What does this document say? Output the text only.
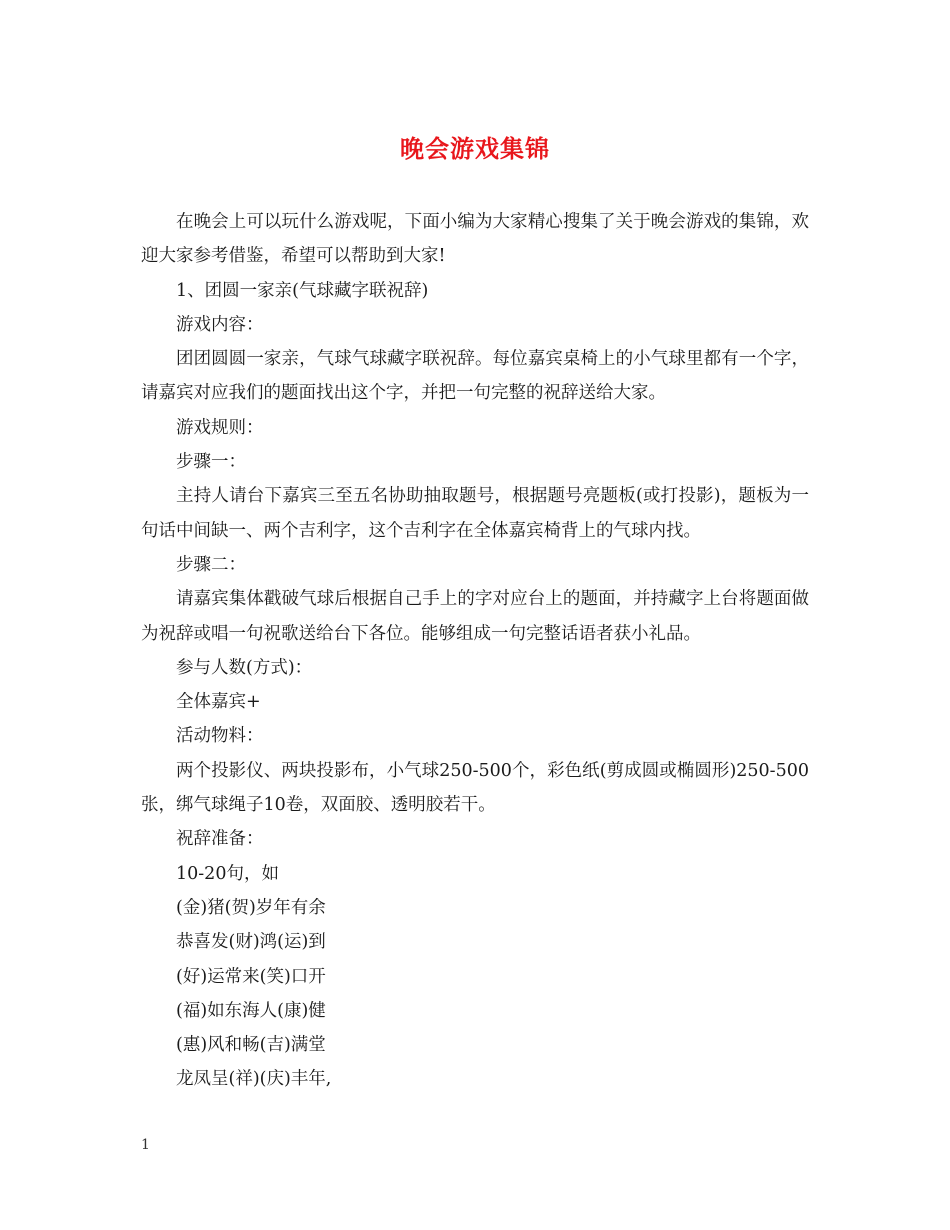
晚会游戏集锦

在晚会上可以玩什么游戏呢，下面小编为大家精心搜集了关于晚会游戏的集锦，欢迎大家参考借鉴，希望可以帮助到大家!

1、团圆一家亲(气球藏字联祝辞)

游戏内容：

团团圆圆一家亲，气球气球藏字联祝辞。每位嘉宾桌椅上的小气球里都有一个字，请嘉宾对应我们的题面找出这个字，并把一句完整的祝辞送给大家。

游戏规则：

步骤一：

主持人请台下嘉宾三至五名协助抽取题号，根据题号亮题板(或打投影)，题板为一句话中间缺一、两个吉利字，这个吉利字在全体嘉宾椅背上的气球内找。

步骤二：

请嘉宾集体戳破气球后根据自己手上的字对应台上的题面，并持藏字上台将题面做为祝辞或唱一句祝歌送给台下各位。能够组成一句完整话语者获小礼品。

参与人数(方式)：

全体嘉宾+

活动物料：

两个投影仪、两块投影布，小气球250-500个，彩色纸(剪成圆或椭圆形)250-500张，绑气球绳子10卷，双面胶、透明胶若干。

祝辞准备：

10-20句，如

(金)猪(贺)岁年有余

恭喜发(财)鸿(运)到

(好)运常来(笑)口开

(福)如东海人(康)健

(惠)风和畅(吉)满堂

龙凤呈(祥)(庆)丰年,

1
